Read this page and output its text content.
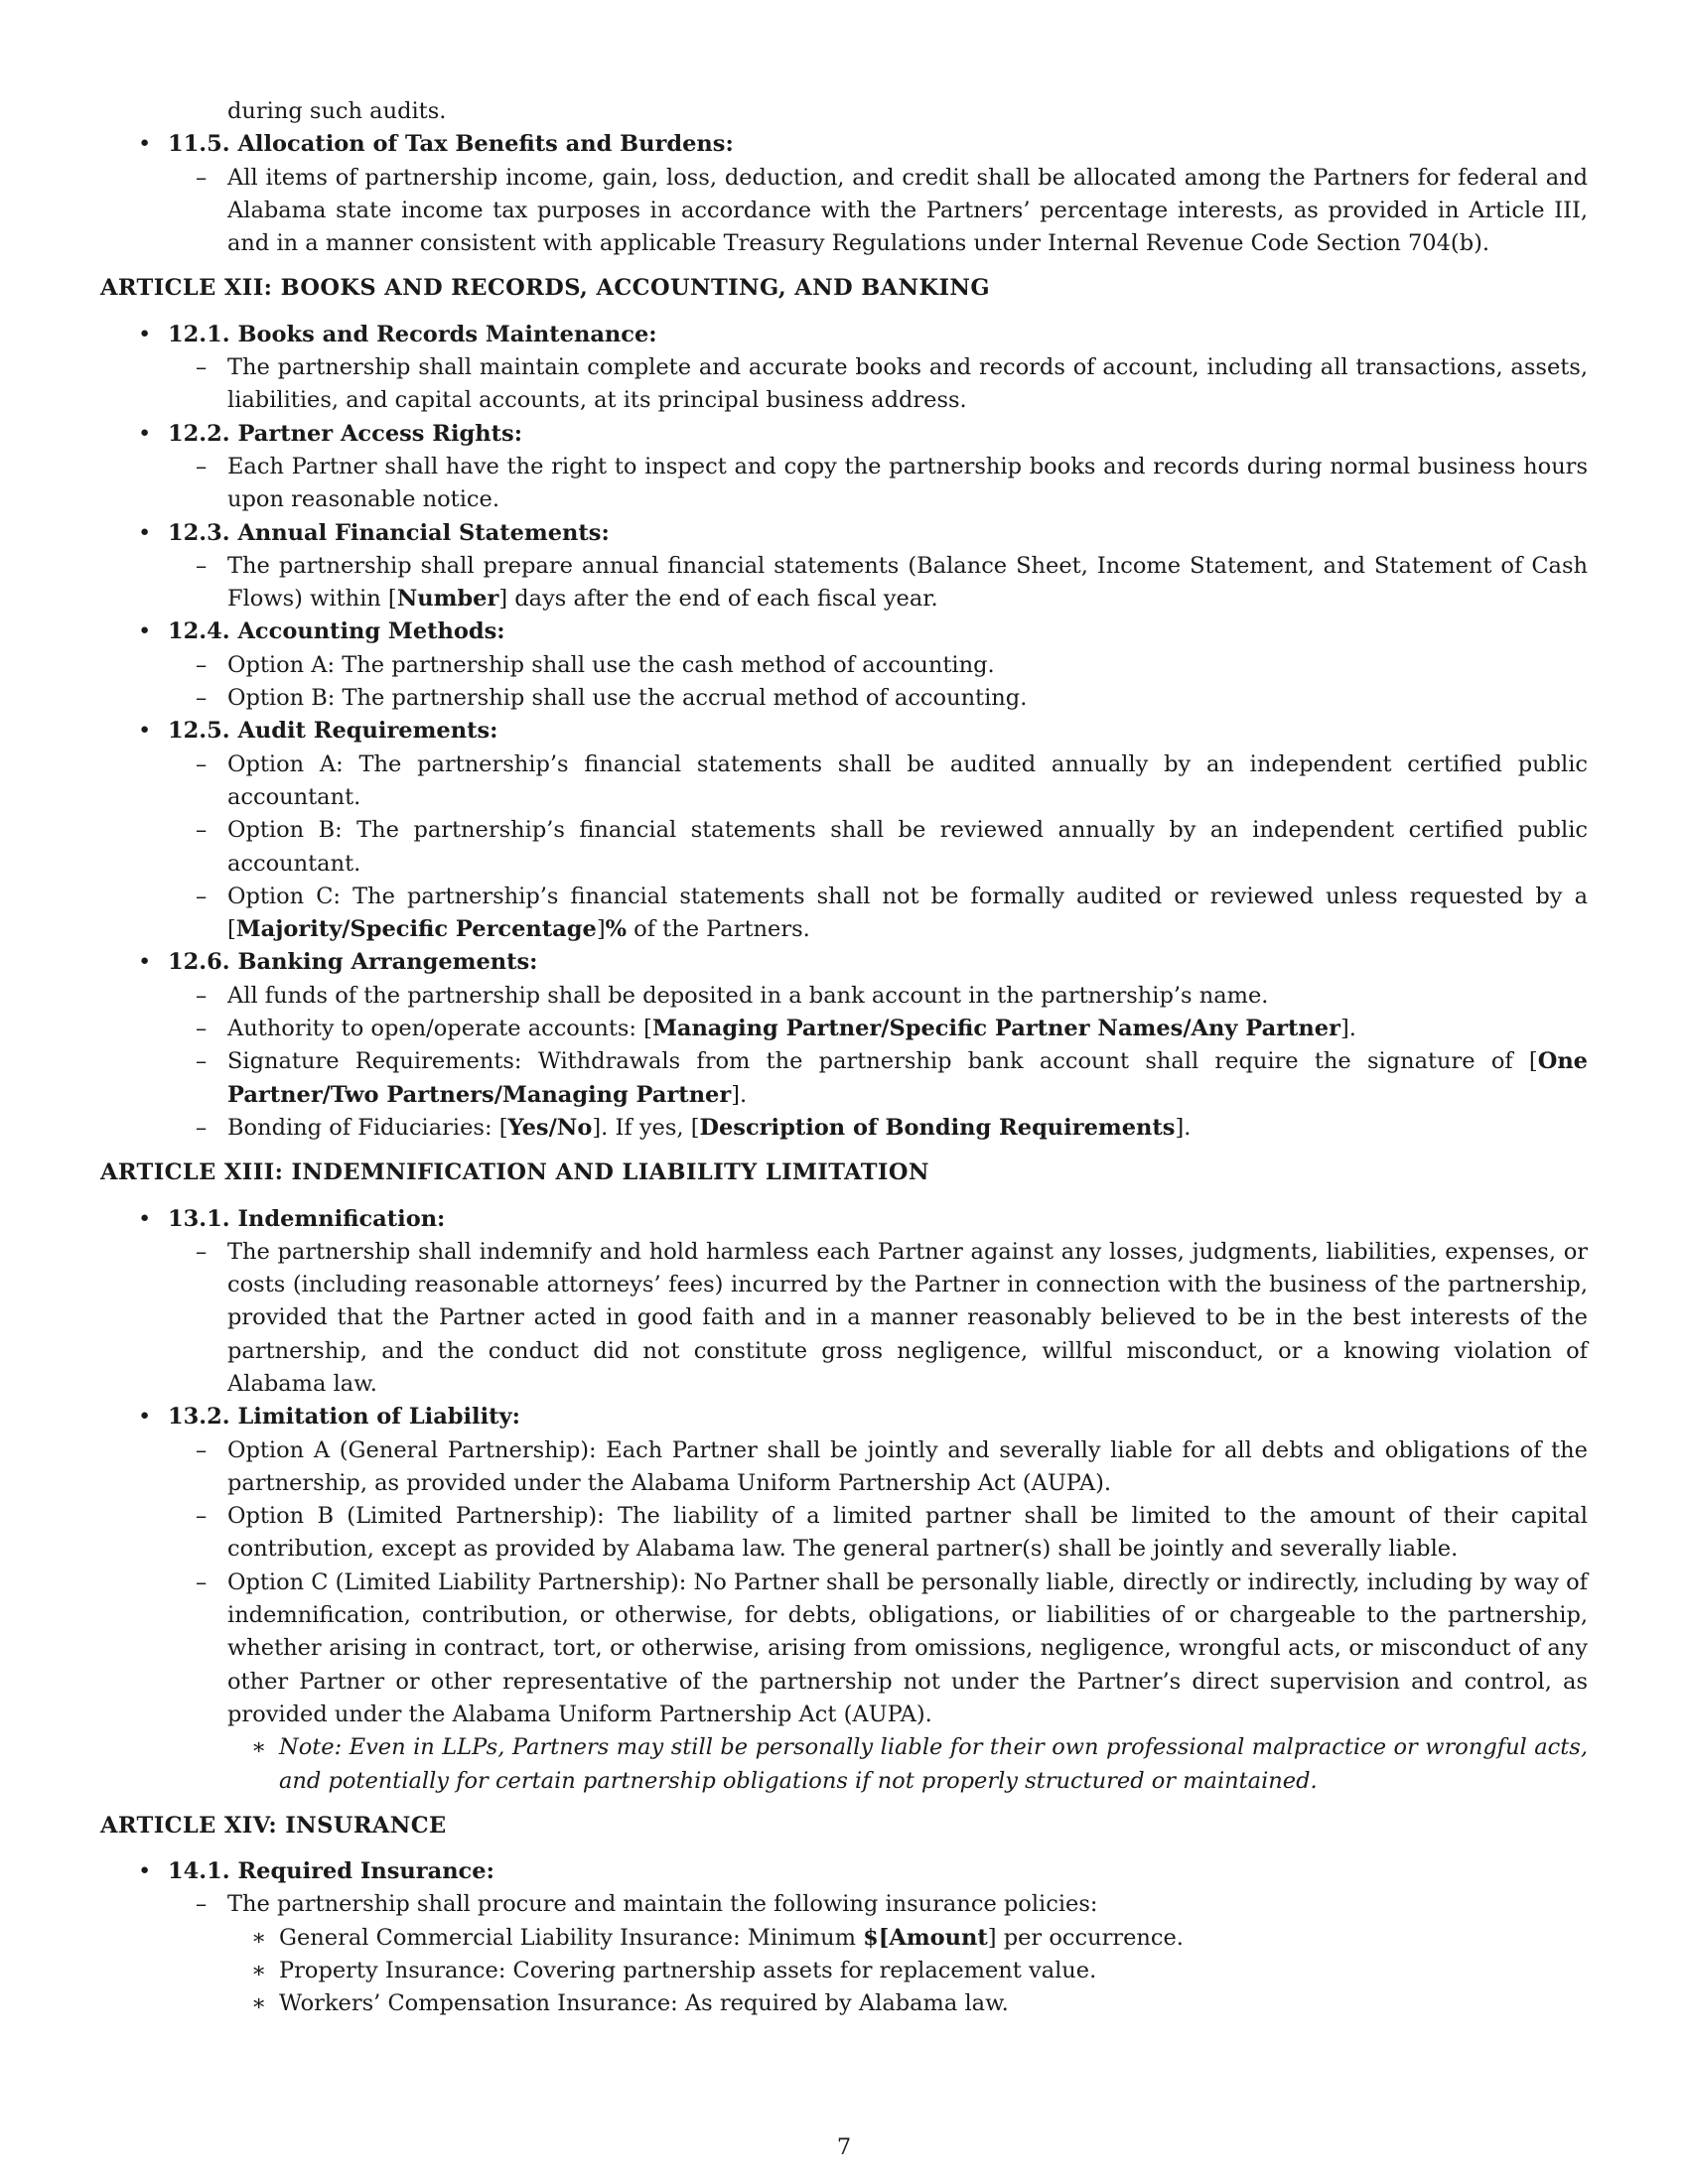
during such audits.
• 11.5. Allocation of Tax Benefits and Burdens:
– All items of partnership income, gain, loss, deduction, and credit shall be allocated among the Partners for federal and Alabama state income tax purposes in accordance with the Partners’ percentage interests, as provided in Article III, and in a manner consistent with applicable Treasury Regulations under Internal Revenue Code Section 704(b).
ARTICLE XII: BOOKS AND RECORDS, ACCOUNTING, AND BANKING
• 12.1. Books and Records Maintenance:
– The partnership shall maintain complete and accurate books and records of account, including all transactions, assets, liabilities, and capital accounts, at its principal business address.
• 12.2. Partner Access Rights:
– Each Partner shall have the right to inspect and copy the partnership books and records during normal business hours upon reasonable notice.
• 12.3. Annual Financial Statements:
– The partnership shall prepare annual financial statements (Balance Sheet, Income Statement, and Statement of Cash Flows) within [Number] days after the end of each fiscal year.
• 12.4. Accounting Methods:
– Option A: The partnership shall use the cash method of accounting.
– Option B: The partnership shall use the accrual method of accounting.
• 12.5. Audit Requirements:
– Option A: The partnership’s financial statements shall be audited annually by an independent certified public accountant.
– Option B: The partnership’s financial statements shall be reviewed annually by an independent certified public accountant.
– Option C: The partnership’s financial statements shall not be formally audited or reviewed unless requested by a [Majority/Specific Percentage]% of the Partners.
• 12.6. Banking Arrangements:
– All funds of the partnership shall be deposited in a bank account in the partnership’s name.
– Authority to open/operate accounts: [Managing Partner/Specific Partner Names/Any Partner].
– Signature Requirements: Withdrawals from the partnership bank account shall require the signature of [One Partner/Two Partners/Managing Partner].
– Bonding of Fiduciaries: [Yes/No]. If yes, [Description of Bonding Requirements].
ARTICLE XIII: INDEMNIFICATION AND LIABILITY LIMITATION
• 13.1. Indemnification:
– The partnership shall indemnify and hold harmless each Partner against any losses, judgments, liabilities, expenses, or costs (including reasonable attorneys’ fees) incurred by the Partner in connection with the business of the partnership, provided that the Partner acted in good faith and in a manner reasonably believed to be in the best interests of the partnership, and the conduct did not constitute gross negligence, willful misconduct, or a knowing violation of Alabama law.
• 13.2. Limitation of Liability:
– Option A (General Partnership): Each Partner shall be jointly and severally liable for all debts and obligations of the partnership, as provided under the Alabama Uniform Partnership Act (AUPA).
– Option B (Limited Partnership): The liability of a limited partner shall be limited to the amount of their capital contribution, except as provided by Alabama law. The general partner(s) shall be jointly and severally liable.
– Option C (Limited Liability Partnership): No Partner shall be personally liable, directly or indirectly, including by way of indemnification, contribution, or otherwise, for debts, obligations, or liabilities of or chargeable to the partnership, whether arising in contract, tort, or otherwise, arising from omissions, negligence, wrongful acts, or misconduct of any other Partner or other representative of the partnership not under the Partner’s direct supervision and control, as provided under the Alabama Uniform Partnership Act (AUPA).
∗ Note: Even in LLPs, Partners may still be personally liable for their own professional malpractice or wrongful acts, and potentially for certain partnership obligations if not properly structured or maintained.
ARTICLE XIV: INSURANCE
• 14.1. Required Insurance:
– The partnership shall procure and maintain the following insurance policies:
∗ General Commercial Liability Insurance: Minimum $[Amount] per occurrence.
∗ Property Insurance: Covering partnership assets for replacement value.
∗ Workers’ Compensation Insurance: As required by Alabama law.
7
